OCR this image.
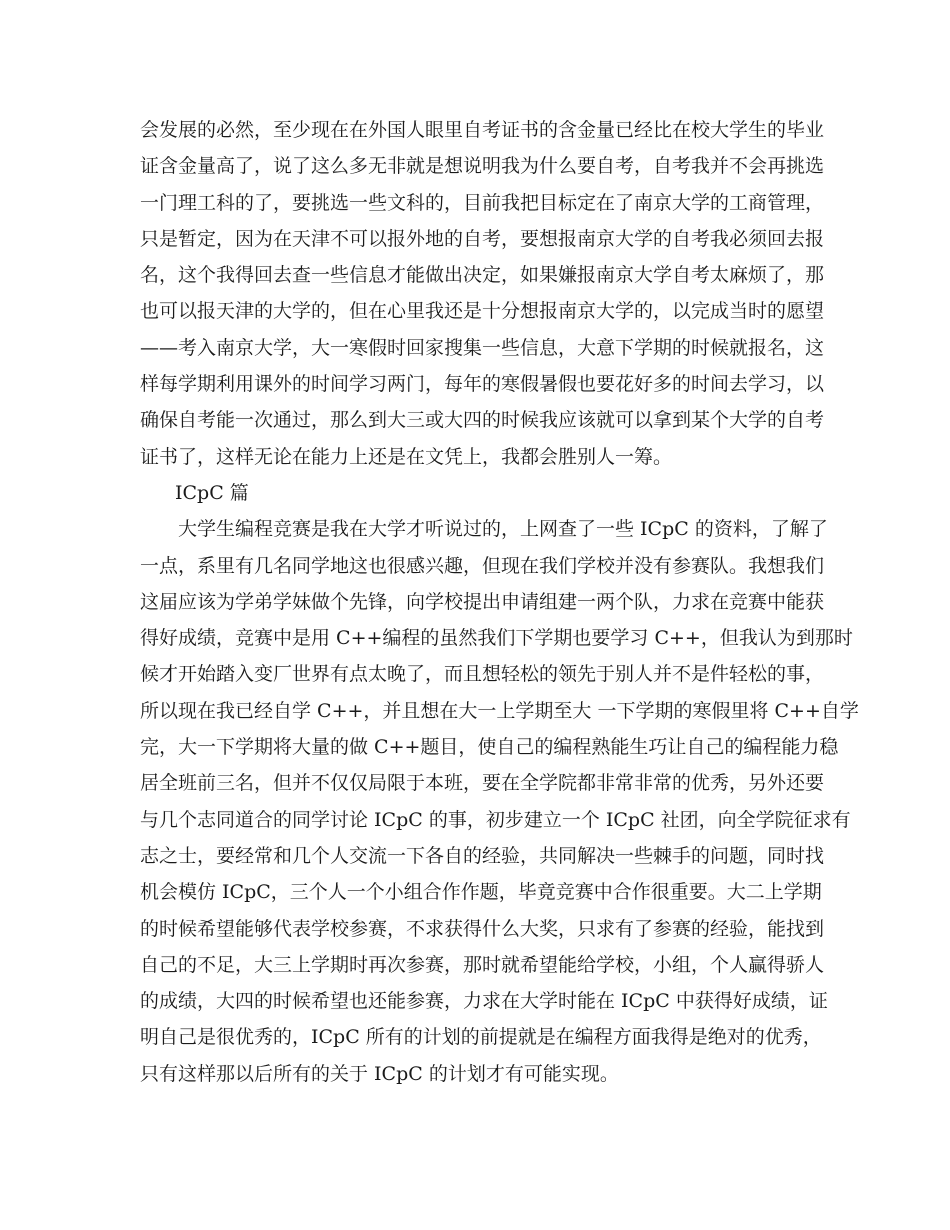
会发展的必然，至少现在在外国人眼里自考证书的含金量已经比在校大学生的毕业
证含金量高了，说了这么多无非就是想说明我为什么要自考，自考我并不会再挑选
一门理工科的了，要挑选一些文科的，目前我把目标定在了南京大学的工商管理，
只是暂定，因为在天津不可以报外地的自考，要想报南京大学的自考我必须回去报
名，这个我得回去查一些信息才能做出决定，如果嫌报南京大学自考太麻烦了，那
也可以报天津的大学的，但在心里我还是十分想报南京大学的，以完成当时的愿望
——考入南京大学，大一寒假时回家搜集一些信息，大意下学期的时候就报名，这
样每学期利用课外的时间学习两门，每年的寒假暑假也要花好多的时间去学习，以
确保自考能一次通过，那么到大三或大四的时候我应该就可以拿到某个大学的自考
证书了，这样无论在能力上还是在文凭上，我都会胜别人一筹。
ICpC 篇
大学生编程竞赛是我在大学才听说过的，上网查了一些 ICpC 的资料，了解了
一点，系里有几名同学地这也很感兴趣，但现在我们学校并没有参赛队。我想我们
这届应该为学弟学妹做个先锋，向学校提出申请组建一两个队，力求在竞赛中能获
得好成绩，竞赛中是用 C++编程的虽然我们下学期也要学习 C++，但我认为到那时
候才开始踏入变厂世界有点太晚了，而且想轻松的领先于别人并不是件轻松的事，
所以现在我已经自学 C++，并且想在大一上学期至大 一下学期的寒假里将 C++自学
完，大一下学期将大量的做 C++题目，使自己的编程熟能生巧让自己的编程能力稳
居全班前三名，但并不仅仅局限于本班，要在全学院都非常非常的优秀，另外还要
与几个志同道合的同学讨论 ICpC 的事，初步建立一个 ICpC 社团，向全学院征求有
志之士，要经常和几个人交流一下各自的经验，共同解决一些棘手的问题，同时找
机会模仿 ICpC，三个人一个小组合作作题，毕竟竞赛中合作很重要。大二上学期
的时候希望能够代表学校参赛，不求获得什么大奖，只求有了参赛的经验，能找到
自己的不足，大三上学期时再次参赛，那时就希望能给学校，小组，个人赢得骄人
的成绩，大四的时候希望也还能参赛，力求在大学时能在 ICpC 中获得好成绩，证
明自己是很优秀的，ICpC 所有的计划的前提就是在编程方面我得是绝对的优秀，
只有这样那以后所有的关于 ICpC 的计划才有可能实现。
